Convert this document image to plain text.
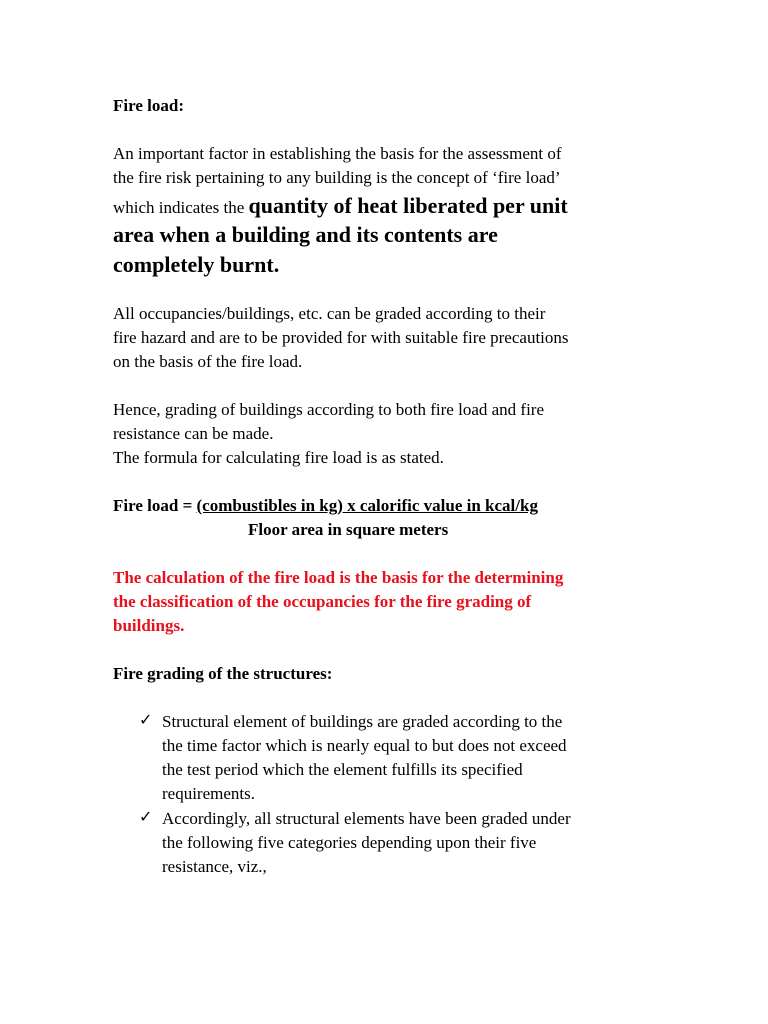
Fire load:
An important factor in establishing the basis for the assessment of
the fire risk pertaining to any building is the concept of ‘fire load’
which indicates the quantity of heat liberated per unit
area when a building and its contents are
completely burnt.
All occupancies/buildings, etc. can be graded according to their
fire hazard and are to be provided for with suitable fire precautions
on the basis of the fire load.
Hence, grading of buildings according to both fire load and fire
resistance can be made.
The formula for calculating fire load is as stated.
Fire load = (combustibles in kg) x calorific value in kcal/kg
Floor area in square meters
The calculation of the fire load is the basis for the determining
the classification of the occupancies for the fire grading of
buildings.
Fire grading of the structures:
✓ Structural element of buildings are graded according to the
the time factor which is nearly equal to but does not exceed
the test period which the element fulfills its specified
requirements.
✓ Accordingly, all structural elements have been graded under
the following five categories depending upon their five
resistance, viz.,
